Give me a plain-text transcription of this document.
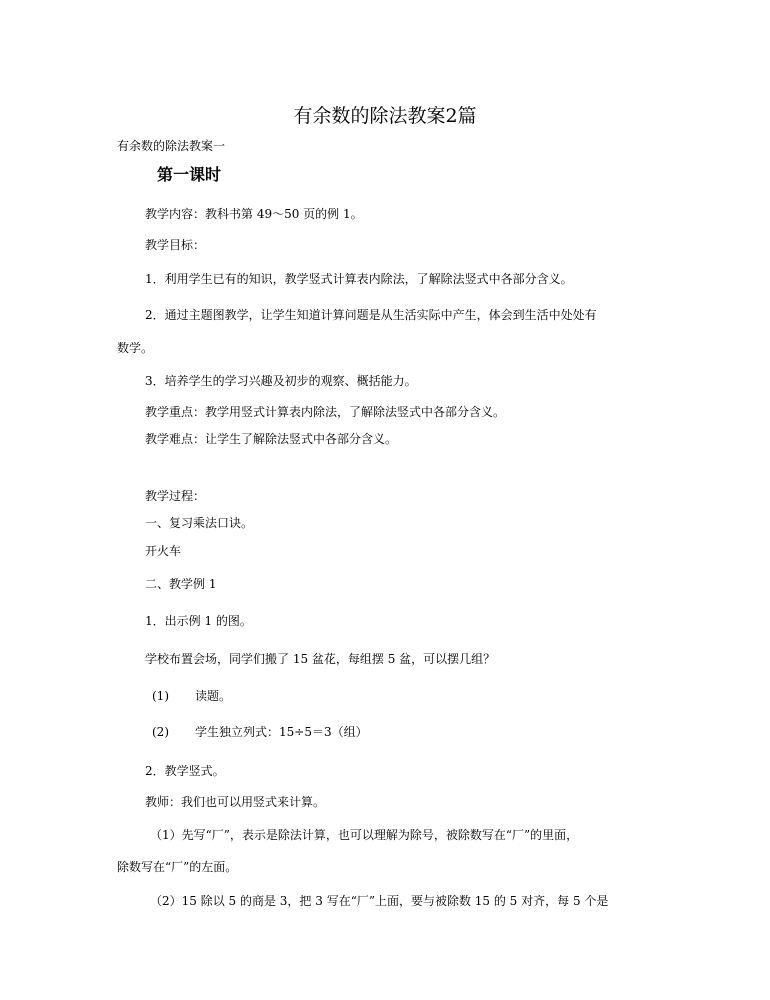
有余数的除法教案2篇
有余数的除法教案一
第一课时
教学内容：教科书第 49～50 页的例 1。
教学目标：
1．利用学生已有的知识，教学竖式计算表内除法，了解除法竖式中各部分含义。
2．通过主题图教学，让学生知道计算问题是从生活实际中产生，体会到生活中处处有
数学。
3．培养学生的学习兴趣及初步的观察、概括能力。
教学重点：教学用竖式计算表内除法，了解除法竖式中各部分含义。
教学难点：让学生了解除法竖式中各部分含义。
教学过程：
一、复习乘法口诀。
开火车
二、教学例 1
1．出示例 1 的图。
学校布置会场，同学们搬了 15 盆花，每组摆 5 盆，可以摆几组？
(1) 读题。
(2) 学生独立列式：15÷5＝3（组）
2．教学竖式。
教师：我们也可以用竖式来计算。
（1）先写“厂”，表示是除法计算，也可以理解为除号，被除数写在“厂”的里面，
除数写在“厂”的左面。
（2）15 除以 5 的商是 3，把 3 写在“厂”上面，要与被除数 15 的 5 对齐，每 5 个是
